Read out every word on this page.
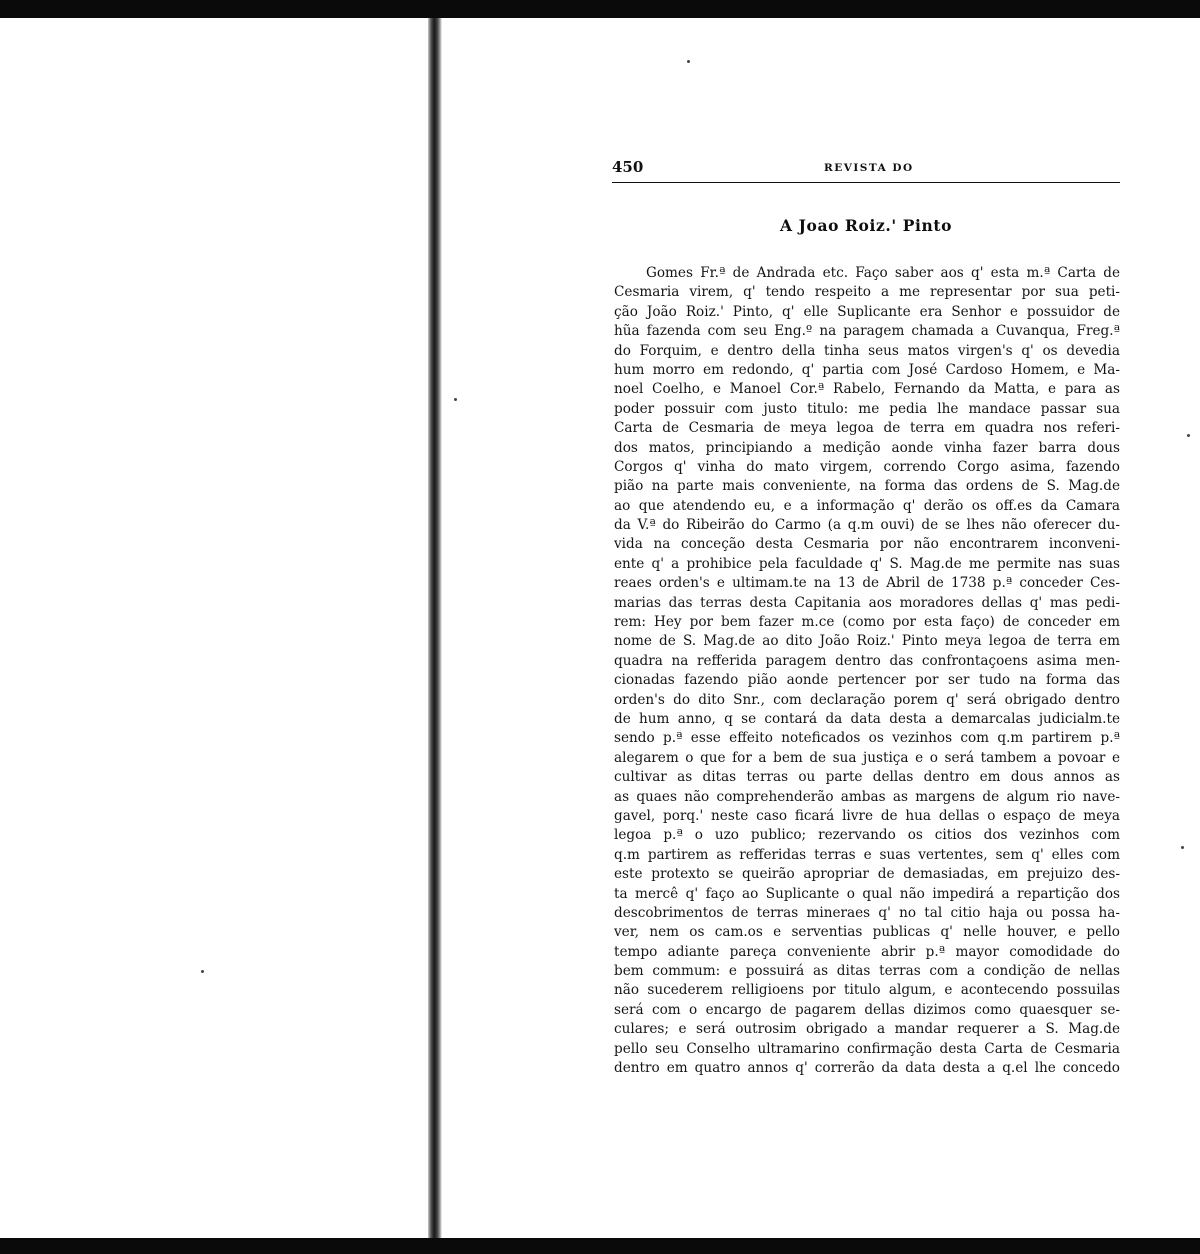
450	REVISTA DO
A Joao Roiz.' Pinto
Gomes Fr.ª de Andrada etc. Faço saber aos q' esta m.ª Carta de
Cesmaria virem, q' tendo respeito a me representar por sua peti-
ção João Roiz.' Pinto, q' elle Suplicante era Senhor e possuidor de
hũa fazenda com seu Eng.º na paragem chamada a Cuvanqua, Freg.ª
do Forquim, e dentro della tinha seus matos virgen's q' os devedia
hum morro em redondo, q' partia com José Cardoso Homem, e Ma-
noel Coelho, e Manoel Cor.ª Rabelo, Fernando da Matta, e para as
poder possuir com justo titulo: me pedia lhe mandace passar sua
Carta de Cesmaria de meya legoa de terra em quadra nos referi-
dos matos, principiando a medição aonde vinha fazer barra dous
Corgos q' vinha do mato virgem, correndo Corgo asima, fazendo
pião na parte mais conveniente, na forma das ordens de S. Mag.de
ao que atendendo eu, e a informação q' derão os off.es da Camara
da V.ª do Ribeirão do Carmo (a q.m ouvi) de se lhes não oferecer du-
vida na conceção desta Cesmaria por não encontrarem inconveni-
ente q' a prohibice pela faculdade q' S. Mag.de me permite nas suas
reaes orden's e ultimam.te na 13 de Abril de 1738 p.ª conceder Ces-
marias das terras desta Capitania aos moradores dellas q' mas pedi-
rem: Hey por bem fazer m.ce (como por esta faço) de conceder em
nome de S. Mag.de ao dito João Roiz.' Pinto meya legoa de terra em
quadra na refferida paragem dentro das confrontaçoens asima men-
cionadas fazendo pião aonde pertencer por ser tudo na forma das
orden's do dito Snr., com declaração porem q' será obrigado dentro
de hum anno, q se contará da data desta a demarcalas judicialm.te
sendo p.ª esse effeito noteficados os vezinhos com q.m partirem p.ª
alegarem o que for a bem de sua justiça e o será tambem a povoar e
cultivar as ditas terras ou parte dellas dentro em dous annos as
as quaes não comprehenderão ambas as margens de algum rio nave-
gavel, porq.' neste caso ficará livre de hua dellas o espaço de meya
legoa p.ª o uzo publico; rezervando os citios dos vezinhos com
q.m partirem as refferidas terras e suas vertentes, sem q' elles com
este protexto se queirão apropriar de demasiadas, em prejuizo des-
ta mercê q' faço ao Suplicante o qual não impedirá a repartição dos
descobrimentos de terras mineraes q' no tal citio haja ou possa ha-
ver, nem os cam.os e serventias publicas q' nelle houver, e pello
tempo adiante pareça conveniente abrir p.ª mayor comodidade do
bem commum: e possuirá as ditas terras com a condição de nellas
não sucederem relligioens por titulo algum, e acontecendo possuilas
será com o encargo de pagarem dellas dizimos como quaesquer se-
culares; e será outrosim obrigado a mandar requerer a S. Mag.de
pello seu Conselho ultramarino confirmação desta Carta de Cesmaria
dentro em quatro annos q' correrão da data desta a q.el lhe concedo
